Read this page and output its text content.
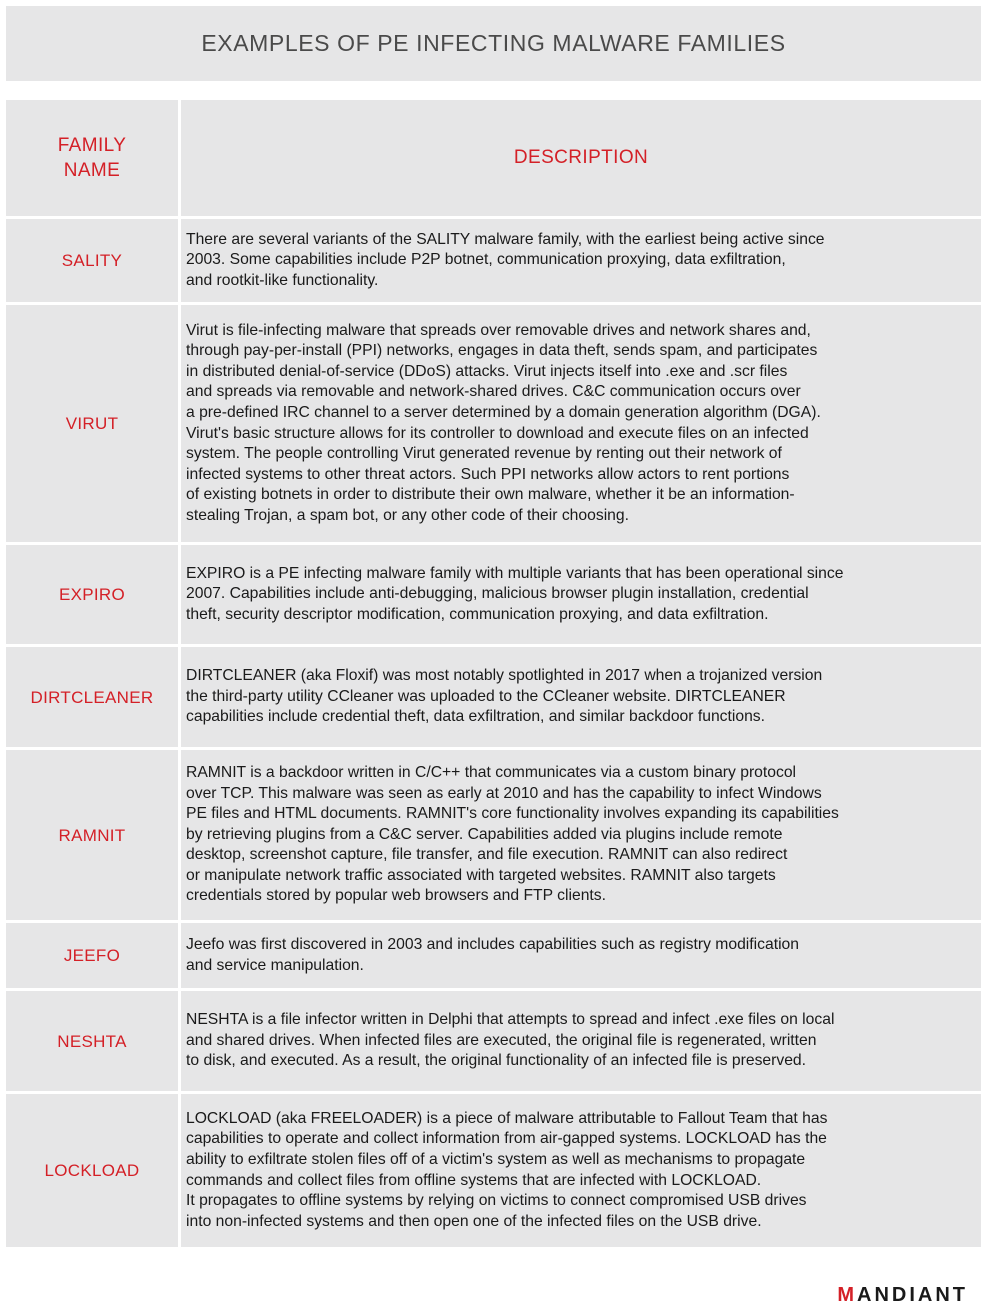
EXAMPLES OF PE INFECTING MALWARE FAMILIES
FAMILY
NAME
DESCRIPTION
SALITY

There are several variants of the SALITY malware family, with the earliest being active since
2003. Some capabilities include P2P botnet, communication proxying, data exfiltration,
and rootkit-like functionality.

VIRUT

Virut is file-infecting malware that spreads over removable drives and network shares and,
through pay-per-install (PPI) networks, engages in data theft, sends spam, and participates
in distributed denial-of-service (DDoS) attacks. Virut injects itself into .exe and .scr files
and spreads via removable and network-shared drives. C&C communication occurs over
a pre-defined IRC channel to a server determined by a domain generation algorithm (DGA).
Virut's basic structure allows for its controller to download and execute files on an infected
system. The people controlling Virut generated revenue by renting out their network of
infected systems to other threat actors. Such PPI networks allow actors to rent portions
of existing botnets in order to distribute their own malware, whether it be an information-
stealing Trojan, a spam bot, or any other code of their choosing.

EXPIRO

EXPIRO is a PE infecting malware family with multiple variants that has been operational since
2007. Capabilities include anti-debugging, malicious browser plugin installation, credential
theft, security descriptor modification, communication proxying, and data exfiltration.

DIRTCLEANER

DIRTCLEANER (aka Floxif) was most notably spotlighted in 2017 when a trojanized version
the third-party utility CCleaner was uploaded to the CCleaner website. DIRTCLEANER
capabilities include credential theft, data exfiltration, and similar backdoor functions.

RAMNIT

RAMNIT is a backdoor written in C/C++ that communicates via a custom binary protocol
over TCP. This malware was seen as early at 2010 and has the capability to infect Windows
PE files and HTML documents. RAMNIT's core functionality involves expanding its capabilities
by retrieving plugins from a C&C server. Capabilities added via plugins include remote
desktop, screenshot capture, file transfer, and file execution. RAMNIT can also redirect
or manipulate network traffic associated with targeted websites. RAMNIT also targets
credentials stored by popular web browsers and FTP clients.

JEEFO

Jeefo was first discovered in 2003 and includes capabilities such as registry modification
and service manipulation.

NESHTA

NESHTA is a file infector written in Delphi that attempts to spread and infect .exe files on local
and shared drives. When infected files are executed, the original file is regenerated, written
to disk, and executed. As a result, the original functionality of an infected file is preserved.

LOCKLOAD

LOCKLOAD (aka FREELOADER) is a piece of malware attributable to Fallout Team that has
capabilities to operate and collect information from air-gapped systems. LOCKLOAD has the
ability to exfiltrate stolen files off of a victim's system as well as mechanisms to propagate
commands and collect files from offline systems that are infected with LOCKLOAD.
It propagates to offline systems by relying on victims to connect compromised USB drives
into non-infected systems and then open one of the infected files on the USB drive.

M ANDIANT
